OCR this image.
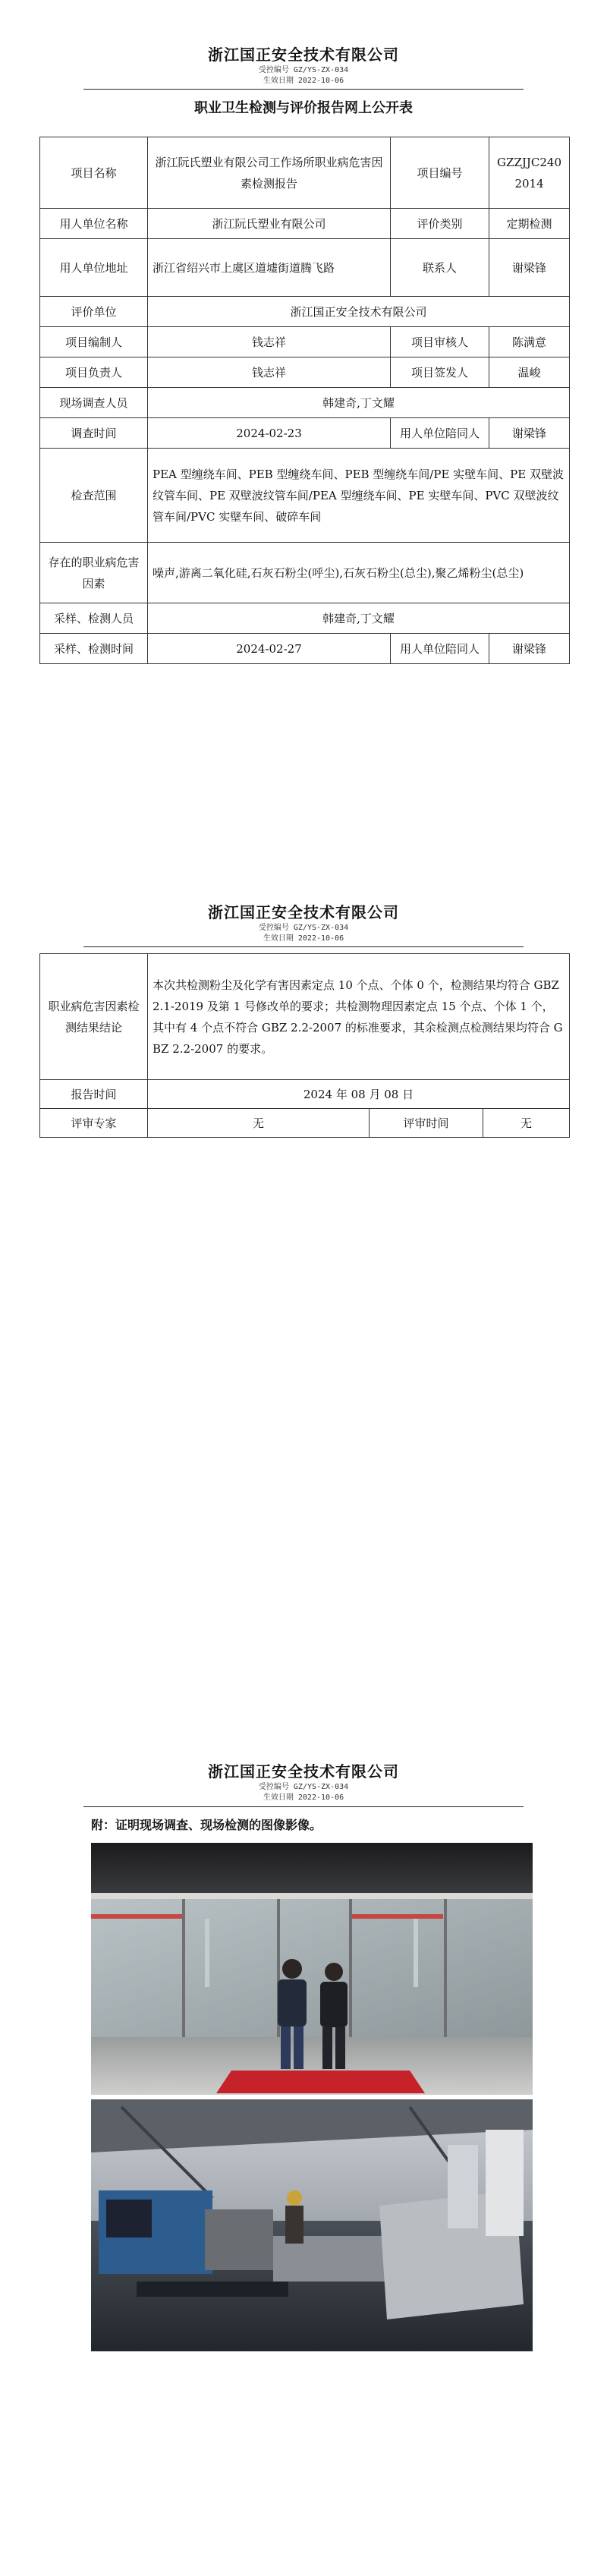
浙江国正安全技术有限公司
受控编号 GZ/YS-ZX-034
生效日期 2022-10-06
职业卫生检测与评价报告网上公开表
项目名称	浙江阮氏塑业有限公司工作场所职业病危害因素检测报告	项目编号	GZZJJC2402014
用人单位名称	浙江阮氏塑业有限公司	评价类别	定期检测
用人单位地址	浙江省绍兴市上虞区道墟街道腾飞路	联系人	谢梁锋
评价单位	浙江国正安全技术有限公司		
项目编制人	钱志祥	项目审核人	陈满意
项目负责人	钱志祥	项目签发人	温峻
现场调查人员	韩建奇,丁文耀		
调查时间	2024-02-23	用人单位陪同人	谢梁锋
检查范围	PEA 型缠绕车间、PEB 型缠绕车间、PEB 型缠绕车间/PE 实壁车间、PE 双壁波纹管车间、PE 双壁波纹管车间/PEA 型缠绕车间、PE 实壁车间、PVC 双壁波纹管车间/PVC 实壁车间、破碎车间		
存在的职业病危害因素	噪声,游离二氧化硅,石灰石粉尘(呼尘),石灰石粉尘(总尘),聚乙烯粉尘(总尘)		
采样、检测人员	韩建奇,丁文耀		
采样、检测时间	2024-02-27	用人单位陪同人	谢梁锋
浙江国正安全技术有限公司
受控编号 GZ/YS-ZX-034
生效日期 2022-10-06
职业病危害因素检测结果结论	本次共检测粉尘及化学有害因素定点 10 个点、个体 0 个，检测结果均符合 GBZ 2.1-2019 及第 1 号修改单的要求；共检测物理因素定点 15 个点、个体 1 个，其中有 4 个点不符合 GBZ 2.2-2007 的标准要求，其余检测点检测结果均符合 GBZ 2.2-2007 的要求。		
报告时间	2024 年 08 月 08 日		
评审专家	无	评审时间	无
浙江国正安全技术有限公司
受控编号 GZ/YS-ZX-034
生效日期 2022-10-06
附：证明现场调查、现场检测的图像影像。
